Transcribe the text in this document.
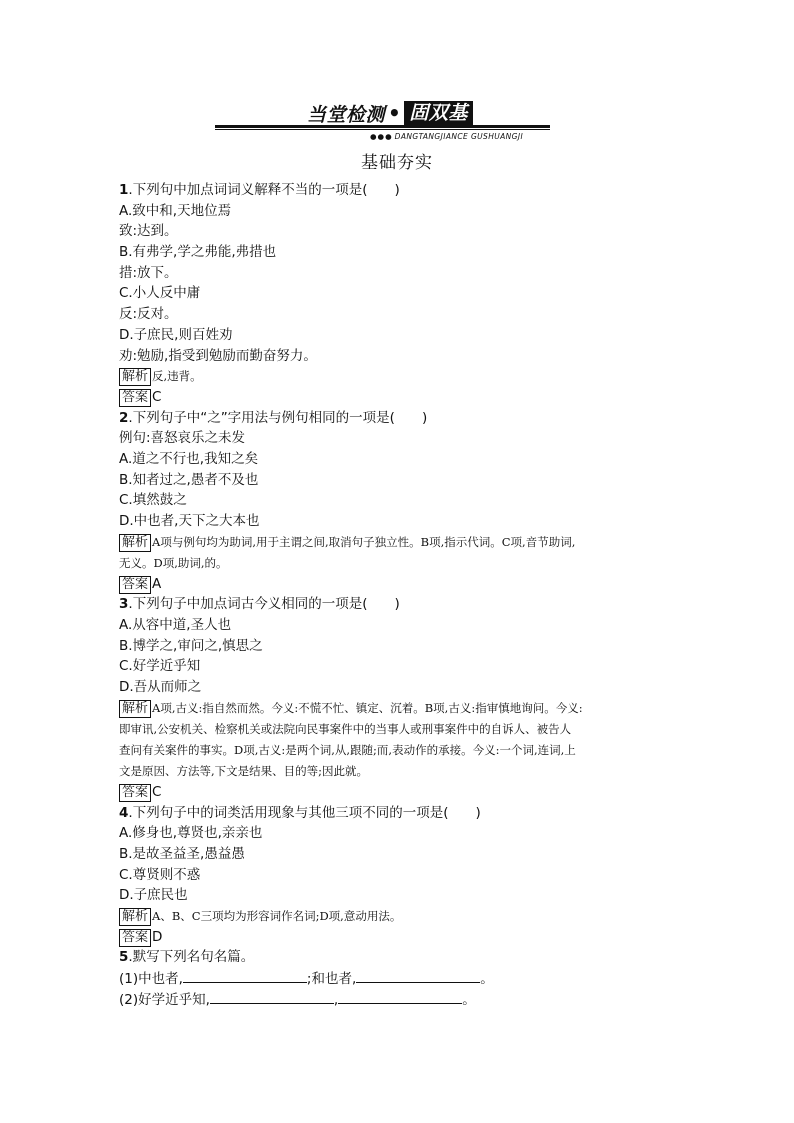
当堂检测 • 固双基
●●● DANGTANGJIANCE GUSHUANGJI
基础夯实
1.下列句中加点词词义解释不当的一项是(　　)
A.致中和,天地位焉
致:达到。
B.有弗学,学之弗能,弗措也
措:放下。
C.小人反中庸
反:反对。
D.子庶民,则百姓劝
劝:勉励,指受到勉励而勤奋努力。
解析 反,违背。
答案 C
2.下列句子中“之”字用法与例句相同的一项是(　　)
例句:喜怒哀乐之未发
A.道之不行也,我知之矣
B.知者过之,愚者不及也
C.填然鼓之
D.中也者,天下之大本也
解析 A项与例句均为助词,用于主谓之间,取消句子独立性。B项,指示代词。C项,音节助词,
无义。D项,助词,的。
答案 A
3.下列句子中加点词古今义相同的一项是(　　)
A.从容中道,圣人也
B.博学之,审问之,慎思之
C.好学近乎知
D.吾从而师之
解析 A项,古义:指自然而然。今义:不慌不忙、镇定、沉着。B项,古义:指审慎地询问。今义:
即审讯,公安机关、检察机关或法院向民事案件中的当事人或刑事案件中的自诉人、被告人
查问有关案件的事实。D项,古义:是两个词,从,跟随;而,表动作的承接。今义:一个词,连词,上
文是原因、方法等,下文是结果、目的等;因此就。
答案 C
4.下列句子中的词类活用现象与其他三项不同的一项是(　　)
A.修身也,尊贤也,亲亲也
B.是故圣益圣,愚益愚
C.尊贤则不惑
D.子庶民也
解析 A、B、C三项均为形容词作名词;D项,意动用法。
答案 D
5.默写下列名句名篇。
(1)中也者,	;和也者,	。
(2)好学近乎知,	,	。
